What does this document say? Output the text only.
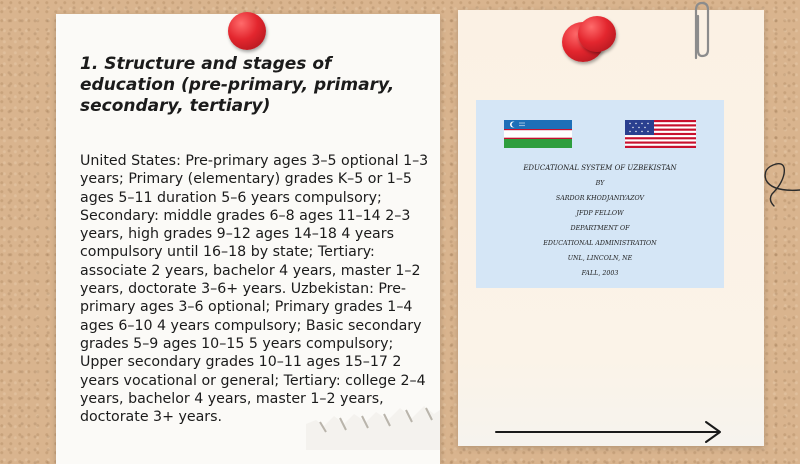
1. Structure and stages of education (pre-primary, primary, secondary, tertiary)

United States: Pre-primary ages 3–5 optional 1–3 years; Primary (elementary) grades K–5 or 1–5 ages 5–11 duration 5–6 years compulsory; Secondary: middle grades 6–8 ages 11–14 2–3 years, high grades 9–12 ages 14–18 4 years compulsory until 16–18 by state; Tertiary: associate 2 years, bachelor 4 years, master 1–2 years, doctorate 3–6+ years. Uzbekistan: Pre-primary ages 3–6 optional; Primary grades 1–4 ages 6–10 4 years compulsory; Basic secondary grades 5–9 ages 10–15 5 years compulsory; Upper secondary grades 10–11 ages 15–17 2 years vocational or general; Tertiary: college 2–4 years, bachelor 4 years, master 1–2 years, doctorate 3+ years.

EDUCATIONAL SYSTEM OF UZBEKISTAN

BY

SARDOR KHODJANIYAZOV

JFDP FELLOW

DEPARTMENT OF

EDUCATIONAL ADMINISTRATION

UNL, LINCOLN, NE

FALL, 2003
